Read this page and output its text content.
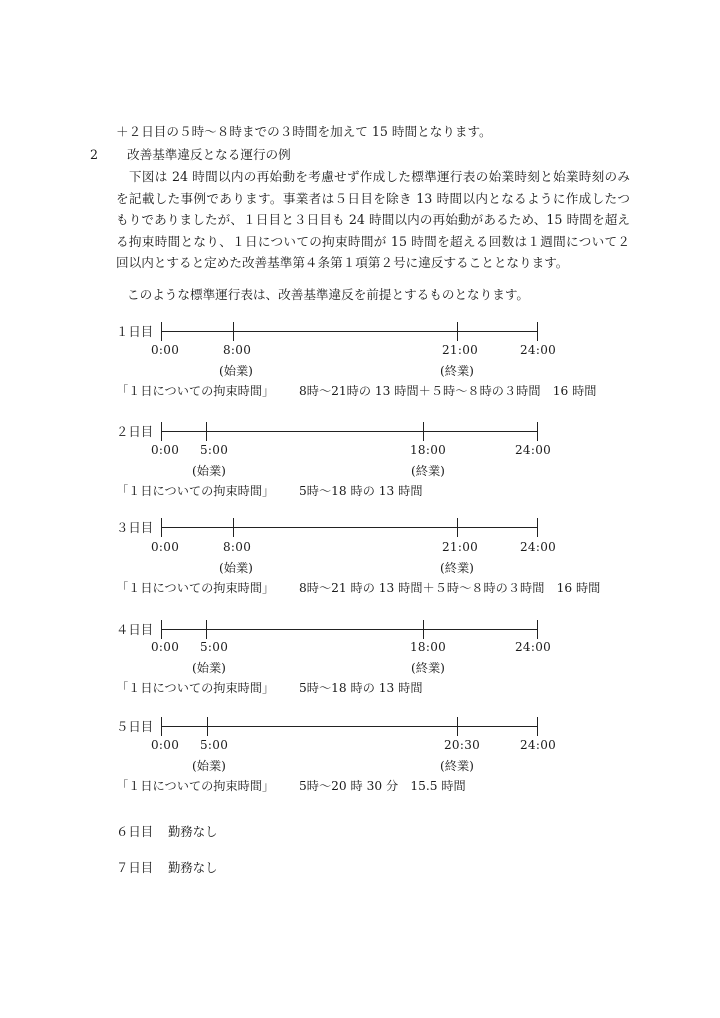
＋２日目の５時～８時までの３時間を加えて 15 時間となります。
2 改善基準違反となる運行の例
下図は 24 時間以内の再始動を考慮せず作成した標準運行表の始業時刻と始業時刻のみを記載した事例であります。事業者は５日目を除き 13 時間以内となるように作成したつもりでありましたが、１日目と３日目も 24 時間以内の再始動があるため、15 時間を超える拘束時間となり、１日についての拘束時間が 15 時間を超える回数は１週間について２回以内とすると定めた改善基準第４条第１項第２号に違反することとなります。
このような標準運行表は、改善基準違反を前提とするものとなります。
１日目
0:00	8:00	21:00	24:00
(始業)	(終業)
「１日についての拘束時間」 8時～21時の 13 時間＋５時～８時の３時間　16 時間
２日目
0:00 5:00	18:00	24:00
(始業)	(終業)
「１日についての拘束時間」 5時～18 時の 13 時間
３日目
0:00	8:00	21:00	24:00
(始業)	(終業)
「１日についての拘束時間」 8時～21 時の 13 時間＋５時～８時の３時間　16 時間
４日目
0:00 5:00	18:00	24:00
(始業)	(終業)
「１日についての拘束時間」 5時～18 時の 13 時間
５日目
0:00 5:00	20:30	24:00
(始業)	(終業)
「１日についての拘束時間」 5時～20 時 30 分　15.5 時間
６日目 勤務なし
７日目 勤務なし
